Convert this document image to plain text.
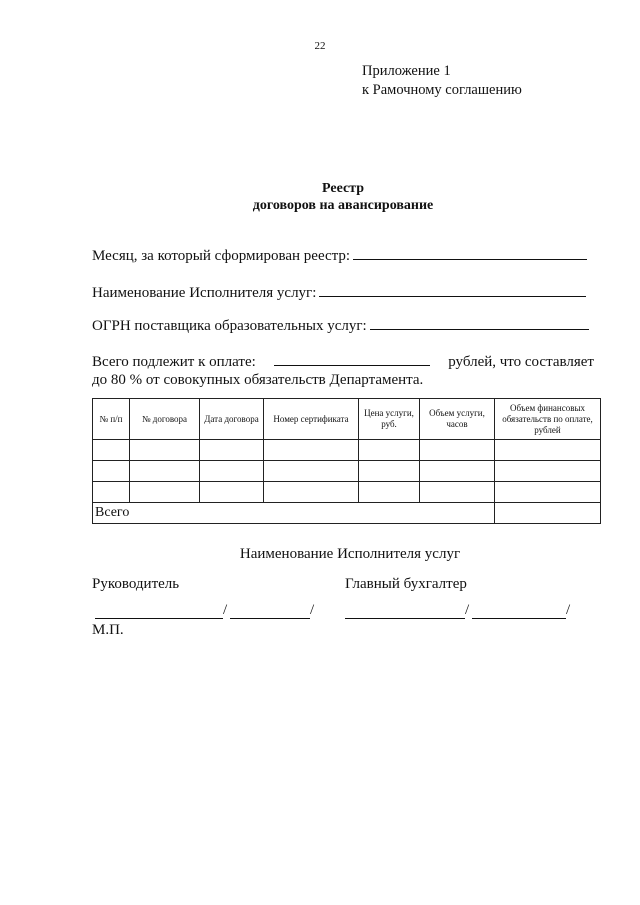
22
Приложение 1
к Рамочному соглашению
Реестр
договоров на авансирование
Месяц, за который сформирован реестр:
Наименование Исполнителя услуг:
ОГРН поставщика образовательных услуг:
Всего подлежит к оплате:	рублей, что составляет
до 80 % от совокупных обязательств Департамента.
№ п/п	№ договора	Дата договора	Номер сертификата	Цена услуги, руб.	Объем услуги, часов	Объем финансовых обязательств по оплате, рублей

Всего						
Наименование Исполнителя услуг
Руководитель	Главный бухгалтер
/	/	/	/
М.П.
